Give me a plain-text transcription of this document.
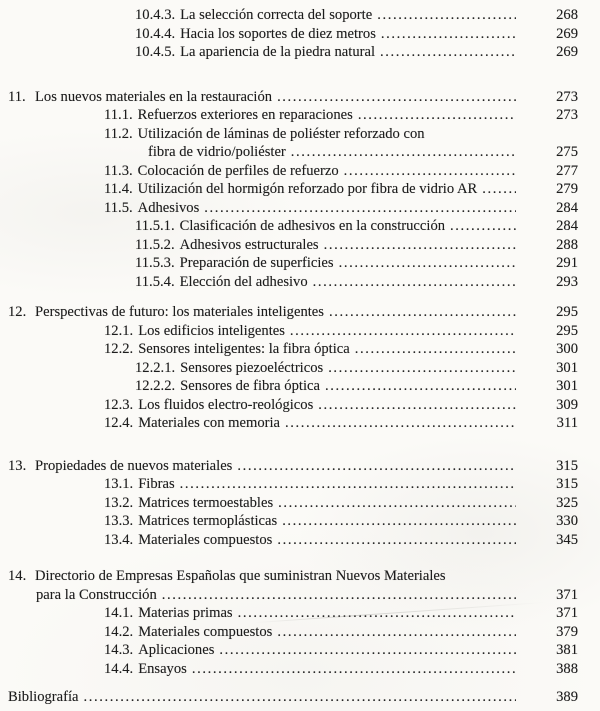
10.4.3. La selección correcta del soporte .....	268
10.4.4. Hacia los soportes de diez metros .....	269
10.4.5. La apariencia de la piedra natural .....	269
11. Los nuevos materiales en la restauración .....	273
11.1. Refuerzos exteriores en reparaciones .....	273
11.2. Utilización de láminas de poliéster reforzado con
fibra de vidrio/poliéster .....	275
11.3. Colocación de perfiles de refuerzo .....	277
11.4. Utilización del hormigón reforzado por fibra de vidrio AR .....	279
11.5. Adhesivos .....	284
11.5.1. Clasificación de adhesivos en la construcción .....	284
11.5.2. Adhesivos estructurales .....	288
11.5.3. Preparación de superficies .....	291
11.5.4. Elección del adhesivo .....	293
12. Perspectivas de futuro: los materiales inteligentes .....	295
12.1. Los edificios inteligentes .....	295
12.2. Sensores inteligentes: la fibra óptica .....	300
12.2.1. Sensores piezoeléctricos .....	301
12.2.2. Sensores de fibra óptica .....	301
12.3. Los fluidos electro-reológicos .....	309
12.4. Materiales con memoria .....	311
13. Propiedades de nuevos materiales .....	315
13.1. Fibras .....	315
13.2. Matrices termoestables .....	325
13.3. Matrices termoplásticas .....	330
13.4. Materiales compuestos .....	345
14. Directorio de Empresas Españolas que suministran Nuevos Materiales
para la Construcción .....	371
14.1. Materias primas .....	371
14.2. Materiales compuestos .....	379
14.3. Aplicaciones .....	381
14.4. Ensayos .....	388
Bibliografía .....	389
